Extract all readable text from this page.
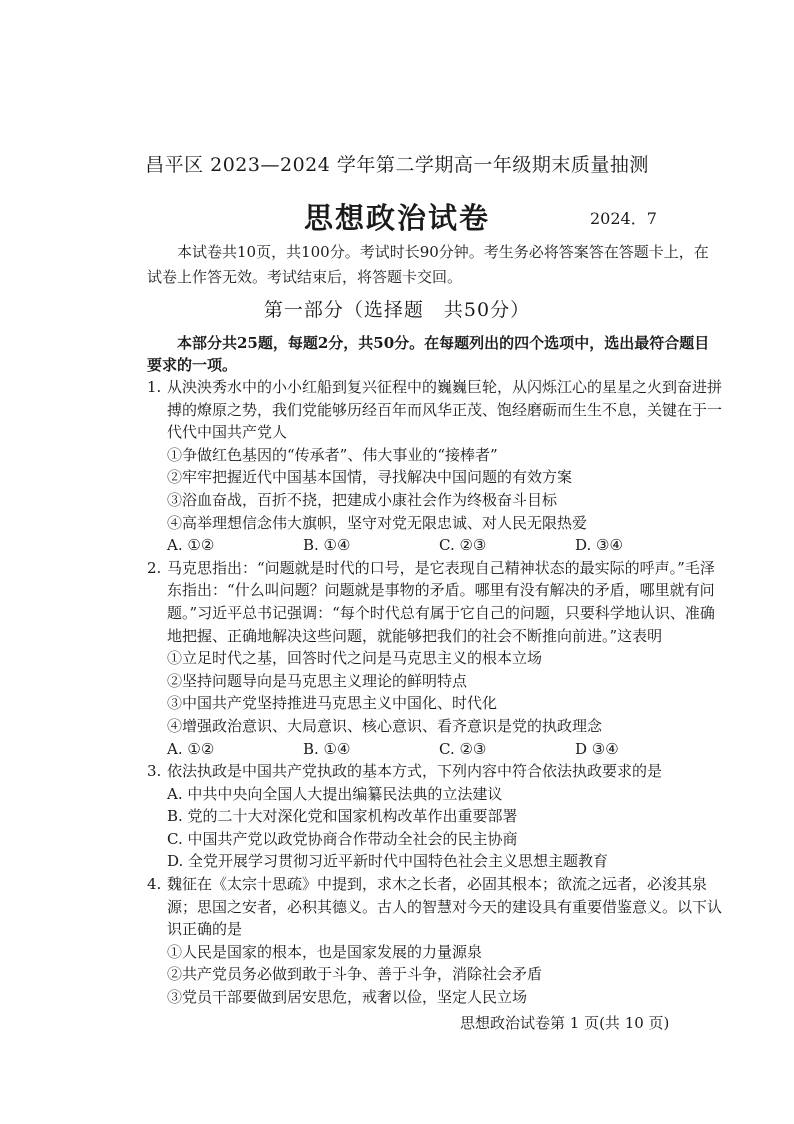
昌平区 2023—2024 学年第二学期高一年级期末质量抽测
思想政治试卷	2024．7
本试卷共10页，共100分。考试时长90分钟。考生务必将答案答在答题卡上，在试卷上作答无效。考试结束后，将答题卡交回。
第一部分（选择题　共50分）
本部分共25题，每题2分，共50分。在每题列出的四个选项中，选出最符合题目要求的一项。
1. 从泱泱秀水中的小小红船到复兴征程中的巍巍巨轮，从闪烁江心的星星之火到奋进拼搏的燎原之势，我们党能够历经百年而风华正茂、饱经磨砺而生生不息，关键在于一代代中国共产党人
①争做红色基因的“传承者”、伟大事业的“接棒者”
②牢牢把握近代中国基本国情，寻找解决中国问题的有效方案
③浴血奋战，百折不挠，把建成小康社会作为终极奋斗目标
④高举理想信念伟大旗帜，坚守对党无限忠诚、对人民无限热爱
A. ①②	B. ①④	C. ②③	D. ③④
2. 马克思指出：“问题就是时代的口号，是它表现自己精神状态的最实际的呼声。”毛泽东指出：“什么叫问题？问题就是事物的矛盾。哪里有没有解决的矛盾，哪里就有问题。”习近平总书记强调：“每个时代总有属于它自己的问题，只要科学地认识、准确地把握、正确地解决这些问题，就能够把我们的社会不断推向前进。”这表明
①立足时代之基，回答时代之问是马克思主义的根本立场
②坚持问题导向是马克思主义理论的鲜明特点
③中国共产党坚持推进马克思主义中国化、时代化
④增强政治意识、大局意识、核心意识、看齐意识是党的执政理念
A. ①②	B. ①④	C. ②③	D ③④
3. 依法执政是中国共产党执政的基本方式，下列内容中符合依法执政要求的是
A. 中共中央向全国人大提出编纂民法典的立法建议
B. 党的二十大对深化党和国家机构改革作出重要部署
C. 中国共产党以政党协商合作带动全社会的民主协商
D. 全党开展学习贯彻习近平新时代中国特色社会主义思想主题教育
4. 魏征在《太宗十思疏》中提到，求木之长者，必固其根本；欲流之远者，必浚其泉源；思国之安者，必积其德义。古人的智慧对今天的建设具有重要借鉴意义。以下认识正确的是
①人民是国家的根本，也是国家发展的力量源泉
②共产党员务必做到敢于斗争、善于斗争，消除社会矛盾
③党员干部要做到居安思危，戒奢以俭，坚定人民立场
思想政治试卷第 1 页(共 10 页)
